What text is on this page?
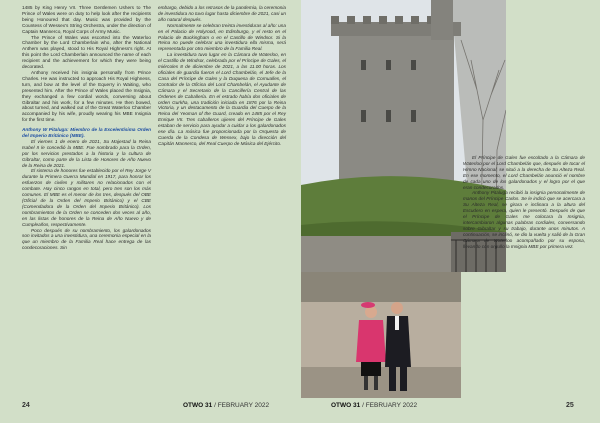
1485 by King Henry VII. Three Gentlemen Ushers to The Prince of Wales were on duty to help look after the recipients being Honoured that day. Music was provided by the Countess of Wessex's String Orchestra, under the direction of Captain Mannerco, Royal Corps of Army Music.

The Prince of Wales was escorted into the Waterloo Chamber by the Lord Chamberlain who, after the National Anthem was played, stood to His Royal Highness's right. At this point the Lord Chamberlain announced the name of each recipient and the achievement for which they were being decorated.

Anthony received his insignia personally from Prince Charles. He was instructed to approach His Royal Highness, turn, and bow at the level of the Equerry in Waiting, who presented him. After the Prince of Wales placed the Insignia, they exchanged a few cordial words, conversing about Gibraltar and his work, for a few minutes. He then bowed, about turned, and walked out of the Great Waterloo Chamber accompanied by his wife, proudly wearing his MBE Insignia for the first time.

Anthony W Pitaluga: Miembro de la Excelentísima Orden del Imperio Británico (MBE).

El viernes 1 de enero de 2021, Su Majestad la Reina Isabel II le concedió la MBE. Fue nombrado para la Orden, por los servicios prestados a la historia y la cultura de Gibraltar, como parte de la Lista de Honores de Año Nuevo de la Reina de 2021.

El sistema de honores fue establecido por el Rey Jorge V durante la Primera Guerra Mundial en 1917, para honrar los esfuerzos de civiles y militares no relacionados con el combate. Hay cinco rangos en total, pero tres son los más comunes. El MBE es el menor de los tres, después del OBE (Oficial de la Orden del Imperio Británico) y el CBE (Comendadora de la Orden del Imperio Británico). Los nombramientos de la Orden se conceden dos veces al año, en las listas de honores de la Reina de Año Nuevo y de Cumpleaños, respectivamente.

Poco después de su nombramiento, los galardonados son invitados a una investidura, una ceremonia especial en la que un miembro de la Familia Real hace entrega de las condecoraciones. Sin

embargo, debido a los retrasos de la pandemia, la ceremonia de investidura no tuvo lugar hasta diciembre de 2021, casi un año natural después.

Normalmente se celebran treinta investiduras al año: una en el Palacio de Holyrood, en Edimburgo, y el resto en el Palacio de Buckingham o en el Castillo de Windsor. Si la Reina no puede celebrar una investidura ella misma, será representada por otro miembro de la Familia Real.

La investidura tuvo lugar en la Cámara de Waterloo, en el Castillo de Windsor, celebrada por el Príncipe de Gales, el miércoles 8 de diciembre de 2021, a las 11.00 horas. Los oficiales de guardia fueron el Lord Chambelán, el Jefe de la Casa del Príncipe de Gales y la Duquesa de Cornualles, el Contralor de la Oficina del Lord Chambelán, el Ayudante de Cámara y el Secretario de la Cancillería Central de las Órdenes de Caballería. En el estrado había dos oficiales de orden Gurkha, una tradición iniciada en 1876 por la Reina Victoria, y un destacamento de la Guardia del Cuerpo de la Reina del Yeoman of the Guard, creado en 1485 por el Rey Enrique VII. Tres caballeros ujieres del Príncipe de Gales estaban de servicio para ayudar a cuidar a los galardonados ese día. La música fue proporcionada por la Orquesta de Cuerda de la Condesa de Wessex, bajo la dirección del Capitán Mannerco, del Real Cuerpo de Música del Ejército.

24	OTWO 31 / FEBRUARY 2022

El Príncipe de Gales fue escoltado a la Cámara de Waterloo por el Lord Chambelán que, después de tocar el Himno Nacional, se situó a la derecha de Su Alteza Real. En ese momento, el Lord Chambelán anunció el nombre de cada uno de los galardonados y el logro por el que eran condecorados.

Anthony Pitaluga recibió la insignia personalmente de manos del Príncipe Carlos. Se le indicó que se acercara a Su Alteza Real, se girara e inclinara a la altura del Escudero en espera, quien le presentó. Después de que el Príncipe de Gales me colocara la Insignia, intercambiaron algunas palabras cordiales, conversando sobre Gibraltar y su trabajo, durante unos minutos. A continuación, se inclinó, se dio la vuelta y salió de la Gran Cámara de Waterloo acompañado por su esposa, llevando con orgullo la Insignia MBE por primera vez.

OTWO 31 / FEBRUARY 2022	25
